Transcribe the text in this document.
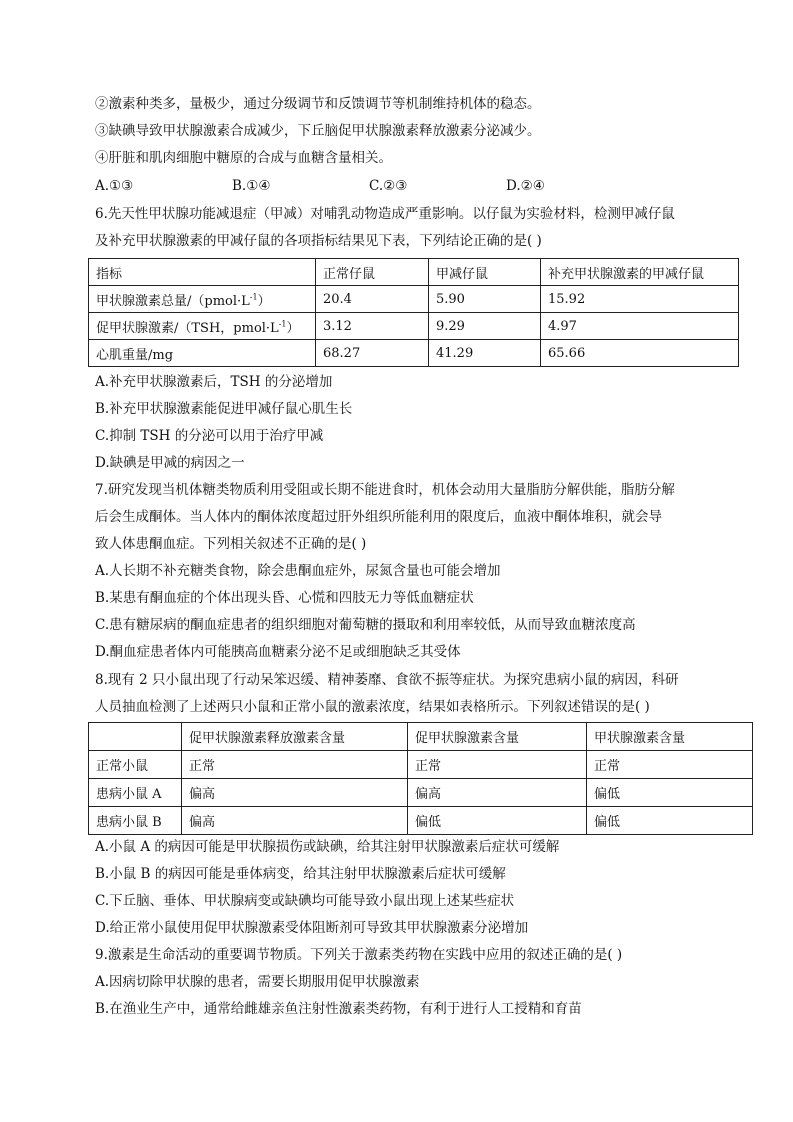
②激素种类多，量极少，通过分级调节和反馈调节等机制维持机体的稳态。
③缺碘导致甲状腺激素合成减少，下丘脑促甲状腺激素释放激素分泌减少。
④肝脏和肌肉细胞中糖原的合成与血糖含量相关。
A.①③	B.①④	C.②③	D.②④
6.先天性甲状腺功能减退症（甲减）对哺乳动物造成严重影响。以仔鼠为实验材料，检测甲减仔鼠
及补充甲状腺激素的甲减仔鼠的各项指标结果见下表，下列结论正确的是( )
指标	正常仔鼠	甲减仔鼠	补充甲状腺激素的甲减仔鼠
甲状腺激素总量$/(pmol\cdot L^{-1})$	20.4	5.90	15.92
促甲状腺激素/（TSH，$pmol\cdot L^{-1}$）	3.12	9.29	4.97
心肌重量/mg	68.27	41.29	65.66
A.补充甲状腺激素后，TSH 的分泌增加
B.补充甲状腺激素能促进甲减仔鼠心肌生长
C.抑制 TSH 的分泌可以用于治疗甲减
D.缺碘是甲减的病因之一
7.研究发现当机体糖类物质利用受阻或长期不能进食时，机体会动用大量脂肪分解供能，脂肪分解
后会生成酮体。当人体内的酮体浓度超过肝外组织所能利用的限度后，血液中酮体堆积，就会导
致人体患酮血症。下列相关叙述不正确的是( )
A.人长期不补充糖类食物，除会患酮血症外，尿氮含量也可能会增加
B.某患有酮血症的个体出现头昏、心慌和四肢无力等低血糖症状
C.患有糖尿病的酮血症患者的组织细胞对葡萄糖的摄取和利用率较低，从而导致血糖浓度高
D.酮血症患者体内可能胰高血糖素分泌不足或细胞缺乏其受体
8.现有 2 只小鼠出现了行动呆笨迟缓、精神萎靡、食欲不振等症状。为探究患病小鼠的病因，科研
人员抽血检测了上述两只小鼠和正常小鼠的激素浓度，结果如表格所示。下列叙述错误的是( )
	促甲状腺激素释放激素含量	促甲状腺激素含量	甲状腺激素含量
正常小鼠	正常	正常	正常
患病小鼠 A	偏高	偏高	偏低
患病小鼠 B	偏高	偏低	偏低
A.小鼠 A 的病因可能是甲状腺损伤或缺碘，给其注射甲状腺激素后症状可缓解
B.小鼠 B 的病因可能是垂体病变，给其注射甲状腺激素后症状可缓解
C.下丘脑、垂体、甲状腺病变或缺碘均可能导致小鼠出现上述某些症状
D.给正常小鼠使用促甲状腺激素受体阻断剂可导致其甲状腺激素分泌增加
9.激素是生命活动的重要调节物质。下列关于激素类药物在实践中应用的叙述正确的是( )
A.因病切除甲状腺的患者，需要长期服用促甲状腺激素
B.在渔业生产中，通常给雌雄亲鱼注射性激素类药物，有利于进行人工授精和育苗
